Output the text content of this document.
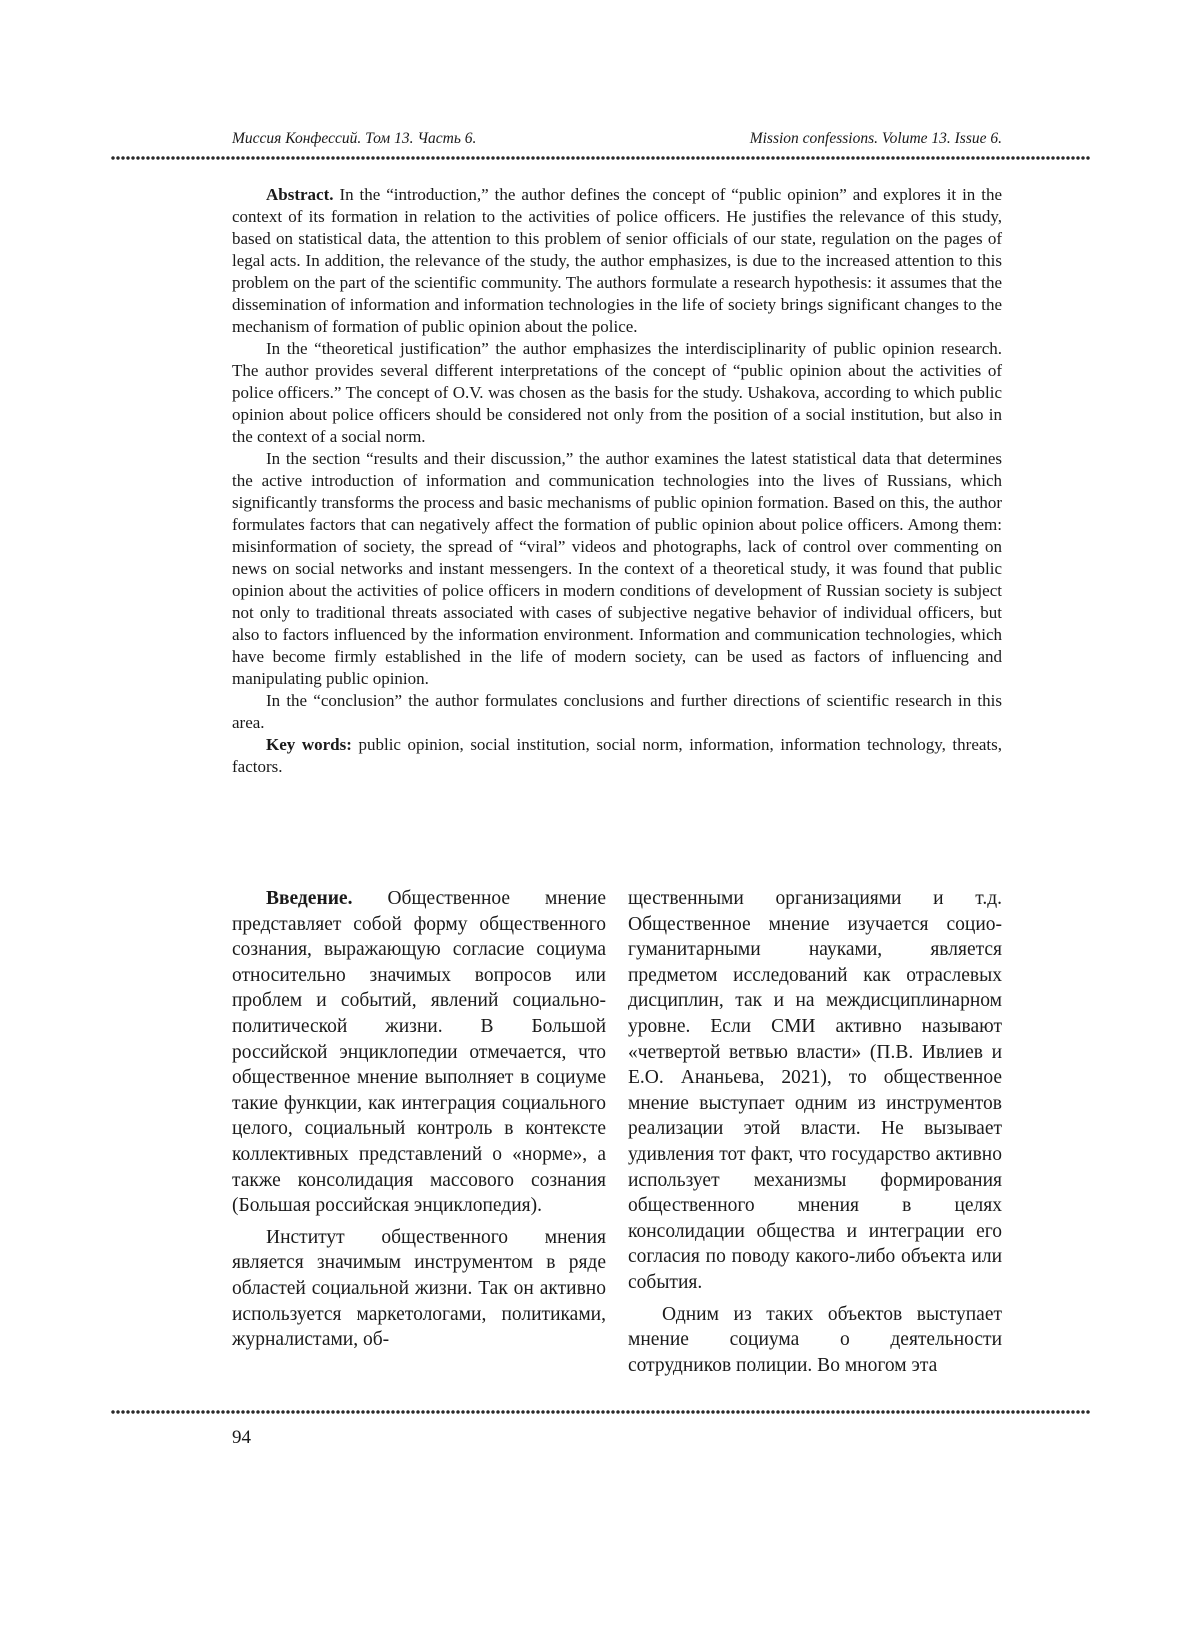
Миссия Конфессий. Том 13. Часть 6.	Mission confessions. Volume 13. Issue 6.

Abstract. In the “introduction,” the author defines the concept of “public opinion” and explores it in the context of its formation in relation to the activities of police officers. He justifies the relevance of this study, based on statistical data, the attention to this problem of senior officials of our state, regulation on the pages of legal acts. In addition, the relevance of the study, the author emphasizes, is due to the increased attention to this problem on the part of the scientific community. The authors formulate a research hypothesis: it assumes that the dissemination of information and information technologies in the life of society brings significant changes to the mechanism of formation of public opinion about the police.

In the “theoretical justification” the author emphasizes the interdisciplinarity of public opinion research. The author provides several different interpretations of the concept of “public opinion about the activities of police officers.” The concept of O.V. was chosen as the basis for the study. Ushakova, according to which public opinion about police officers should be considered not only from the position of a social institution, but also in the context of a social norm.

In the section “results and their discussion,” the author examines the latest statistical data that determines the active introduction of information and communication technologies into the lives of Russians, which significantly transforms the process and basic mechanisms of public opinion formation. Based on this, the author formulates factors that can negatively affect the formation of public opinion about police officers. Among them: misinformation of society, the spread of “viral” videos and photographs, lack of control over commenting on news on social networks and instant messengers. In the context of a theoretical study, it was found that public opinion about the activities of police officers in modern conditions of development of Russian society is subject not only to traditional threats associated with cases of subjective negative behavior of individual officers, but also to factors influenced by the information environment. Information and communication technologies, which have become firmly established in the life of modern society, can be used as factors of influencing and manipulating public opinion.

In the “conclusion” the author formulates conclusions and further directions of scientific research in this area.

Key words: public opinion, social institution, social norm, information, information technology, threats, factors.

Введение. Общественное мнение представляет собой форму общественного сознания, выражающую согласие социума относительно значимых вопросов или проблем и событий, явлений социально-политической жизни. В Большой российской энциклопедии отмечается, что общественное мнение выполняет в социуме такие функции, как интеграция социального целого, социальный контроль в контексте коллективных представлений о «норме», а также консолидация массового сознания (Большая российская энциклопедия).

Институт общественного мнения является значимым инструментом в ряде областей социальной жизни. Так он активно используется маркетологами, политиками, журналистами, об-

щественными организациями и т.д. Общественное мнение изучается социо-гуманитарными науками, является предметом исследований как отраслевых дисциплин, так и на междисциплинарном уровне. Если СМИ активно называют «четвертой ветвью власти» (П.В. Ивлиев и Е.О. Ананьева, 2021), то общественное мнение выступает одним из инструментов реализации этой власти. Не вызывает удивления тот факт, что государство активно использует механизмы формирования общественного мнения в целях консолидации общества и интеграции его согласия по поводу какого-либо объекта или события.

Одним из таких объектов выступает мнение социума о деятельности сотрудников полиции. Во многом эта

94
